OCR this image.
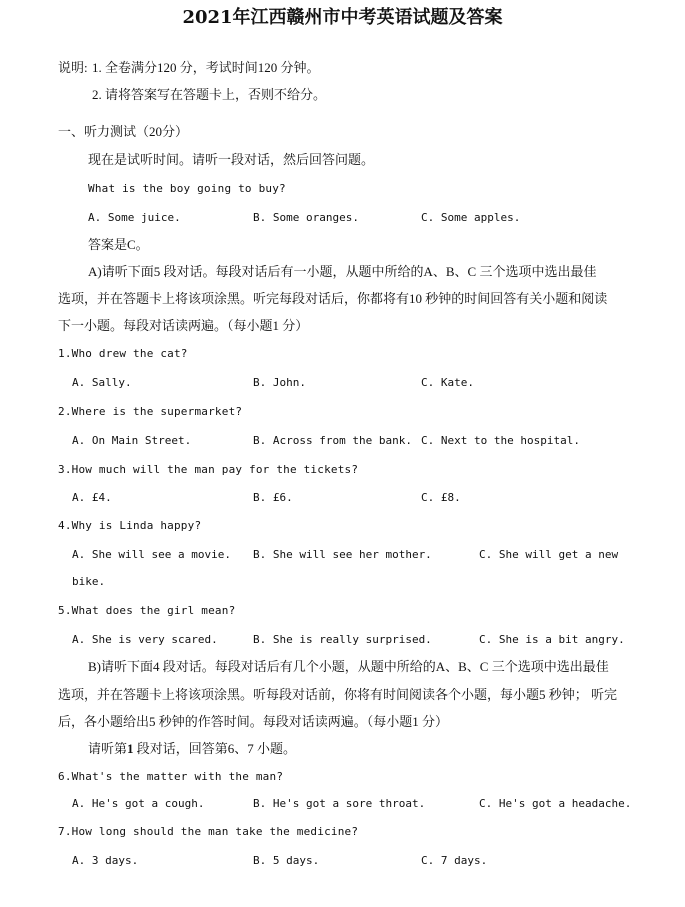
2021年江西赣州市中考英语试题及答案
说明: 1. 全卷满分120 分，考试时间120 分钟。
2. 请将答案写在答题卡上，否则不给分。
一、听力测试（20分）
现在是试听时间。请听一段对话，然后回答问题。
What is the boy going to buy?
A. Some juice.	B. Some oranges.	C. Some apples.
答案是C。
A)请听下面5 段对话。每段对话后有一小题，从题中所给的A、B、C 三个选项中选出最佳
选项，并在答题卡上将该项涂黑。听完每段对话后，你都将有10 秒钟的时间回答有关小题和阅读
下一小题。每段对话读两遍。（每小题1 分）
1.Who drew the cat?
A. Sally.	B. John.	C. Kate.
2.Where is the supermarket?
A. On Main Street.	B. Across from the bank. C. Next to the hospital.
3.How much will the man pay for the tickets?
A. £4.	B. £6.	C. £8.
4.Why is Linda happy?
A. She will see a movie. B. She will see her mother.	C. She will get a new
bike.
5.What does the girl mean?
A. She is very scared.	B. She is really surprised.	C. She is a bit angry.
B)请听下面4 段对话。每段对话后有几个小题，从题中所给的A、B、C 三个选项中选出最佳
选项，并在答题卡上将该项涂黑。听每段对话前，你将有时间阅读各个小题，每小题5 秒钟； 听完
后，各小题给出5 秒钟的作答时间。每段对话读两遍。（每小题1 分）
请听第1 段对话，回答第6、7 小题。
6.What's the matter with the man?
A. He's got a cough.	B. He's got a sore throat.	C. He's got a headache.
7.How long should the man take the medicine?
A. 3 days.	B. 5 days.	C. 7 days.
